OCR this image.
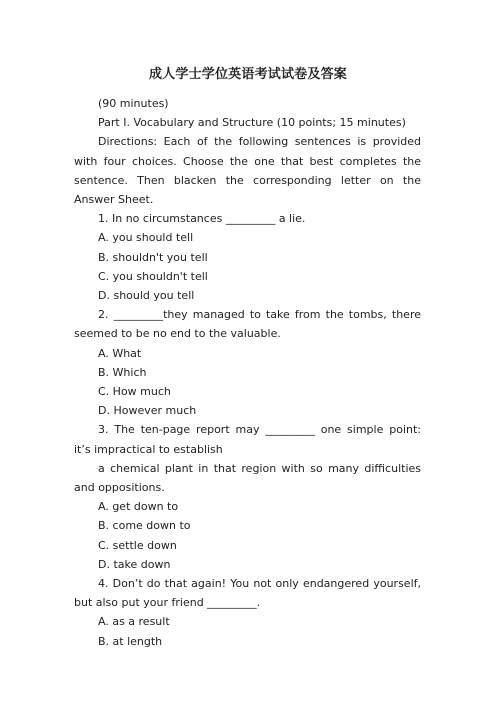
成人学士学位英语考试试卷及答案

(90 minutes)

Part I. Vocabulary and Structure (10 points; 15 minutes)

Directions: Each of the following sentences is provided with four choices. Choose the one that best completes the sentence. Then blacken the corresponding letter on the Answer Sheet.

1. In no circumstances _________ a lie.

A. you should tell

B. shouldn't you tell

C. you shouldn't tell

D. should you tell

2. _________they managed to take from the tombs, there seemed to be no end to the valuable.

A. What

B. Which

C. How much

D. However much

3. The ten-page report may _________ one simple point: it’s impractical to establish

a chemical plant in that region with so many difficulties and oppositions.

A. get down to

B. come down to

C. settle down

D. take down

4. Don’t do that again! You not only endangered yourself, but also put your friend _________.

A. as a result

B. at length
